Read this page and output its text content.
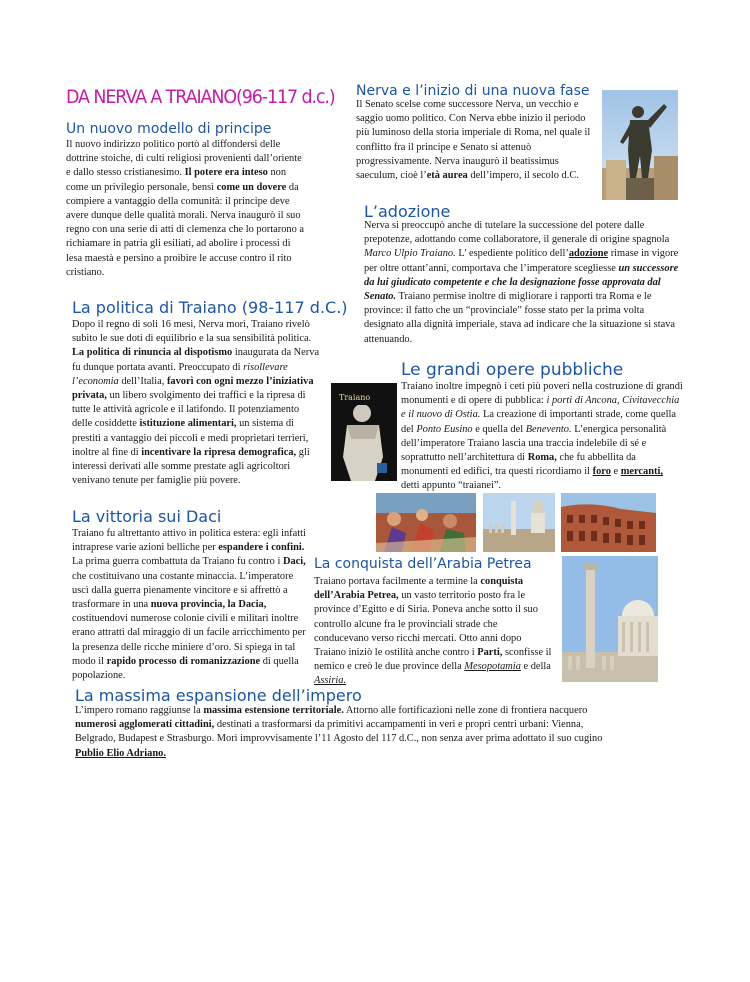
DA NERVA A TRAIANO(96-117 d.c.)
Un nuovo modello di principe
Il nuovo indirizzo politico portò al diffondersi delle dottrine stoiche, di culti religiosi provenienti dall’oriente e dallo stesso cristianesimo. Il potere era inteso non come un privilegio personale, bensì come un dovere da compiere a vantaggio della comunità: il principe deve avere dunque delle qualità morali. Nerva inaugurò il suo regno con una serie di atti di clemenza che lo portarono a richiamare in patria gli esiliati, ad abolire i processi di lesa maestà e persino a proibire le accuse contro il rito cristiano.
La politica di Traiano (98-117 d.C.)
Dopo il regno di soli 16 mesi, Nerva morì, Traiano rivelò subito le sue doti di equilibrio e la sua sensibilità politica. La politica di rinuncia al dispotismo inaugurata da Nerva fu dunque portata avanti. Preoccupato di risollevare l’economia dell’Italia, favorì con ogni mezzo l’iniziativa privata, un libero svolgimento dei traffici e la ripresa di tutte le attività agricole e il latifondo. Il potenziamento delle cosiddette istituzione alimentari, un sistema di prestiti a vantaggio dei piccoli e medi proprietari terrieri, inoltre al fine di incentivare la ripresa demografica, gli interessi derivati alle somme prestate agli agricoltori venivano tenute per famiglie più povere.
La vittoria sui Daci
Traiano fu altrettanto attivo in politica estera: egli infatti intraprese varie azioni belliche per espandere i confini. La prima guerra combattuta da Traiano fu contro i Daci, che costituivano una costante minaccia. L’imperatore uscì dalla guerra pienamente vincitore e si affrettò a trasformare in una nuova provincia, la Dacia, costituendovi numerose colonie civili e militari inoltre erano attratti dal miraggio di un facile arricchimento per la presenza delle ricche miniere d’oro. Si spiega in tal modo il rapido processo di romanizzazione di quella popolazione.
Nerva e l’inizio di una nuova fase
Il Senato scelse come successore Nerva, un vecchio e saggio uomo politico. Con Nerva ebbe inizio il periodo più luminoso della storia imperiale di Roma, nel quale il conflitto fra il principe e Senato si attenuò progressivamente. Nerva inaugurò il beatissimus saeculum, cioè l’età aurea dell’impero, il secolo d.C.
L’adozione
Nerva si preoccupò anche di tutelare la successione del potere dalle prepotenze, adottando come collaboratore, il generale di origine spagnola Marco Ulpio Traiano. L’ espediente politico dell’adozione rimase in vigore per oltre ottant’anni, comportava che l’imperatore scegliesse un successore da lui giudicato competente e che la designazione fosse approvata dal Senato. Traiano permise inoltre di migliorare i rapporti tra Roma e le province: il fatto che un “provinciale” fosse stato per la prima volta designato alla dignità imperiale, stava ad indicare che la situazione si stava attenuando.
Le grandi opere pubbliche
Traiano inoltre impegnò i ceti più poveri nella costruzione di grandi monumenti e di opere di pubblica: i porti di Ancona, Civitavecchia e il nuovo di Ostia. La creazione di importanti strade, come quella del Ponto Eusino e quella del Benevento. L’energica personalità dell’imperatore Traiano lascia una traccia indelebile di sé e soprattutto nell’architettura di Roma, che fu abbellita da monumenti ed edifici, tra questi ricordiamo il foro e mercanti, detti appunto “traianei”.
Traiano
La conquista dell’Arabia Petrea
Traiano portava facilmente a termine la conquista dell’Arabia Petrea, un vasto territorio posto fra le province d’Egitto e di Siria. Poneva anche sotto il suo controllo alcune fra le provinciali strade che conducevano verso ricchi mercati. Otto anni dopo Traiano iniziò le ostilità anche contro i Parti, sconfisse il nemico e creò le due province della Mesopotamia e della Assiria.
La massima espansione dell’impero
L’impero romano raggiunse la massima estensione territoriale. Attorno alle fortificazioni nelle zone di frontiera nacquero numerosi agglomerati cittadini, destinati a trasformarsi da primitivi accampamenti in veri e propri centri urbani: Vienna, Belgrado, Budapest e Strasburgo. Morì improvvisamente l’11 Agosto del 117 d.C., non senza aver prima adottato il suo cugino Publio Elio Adriano.
